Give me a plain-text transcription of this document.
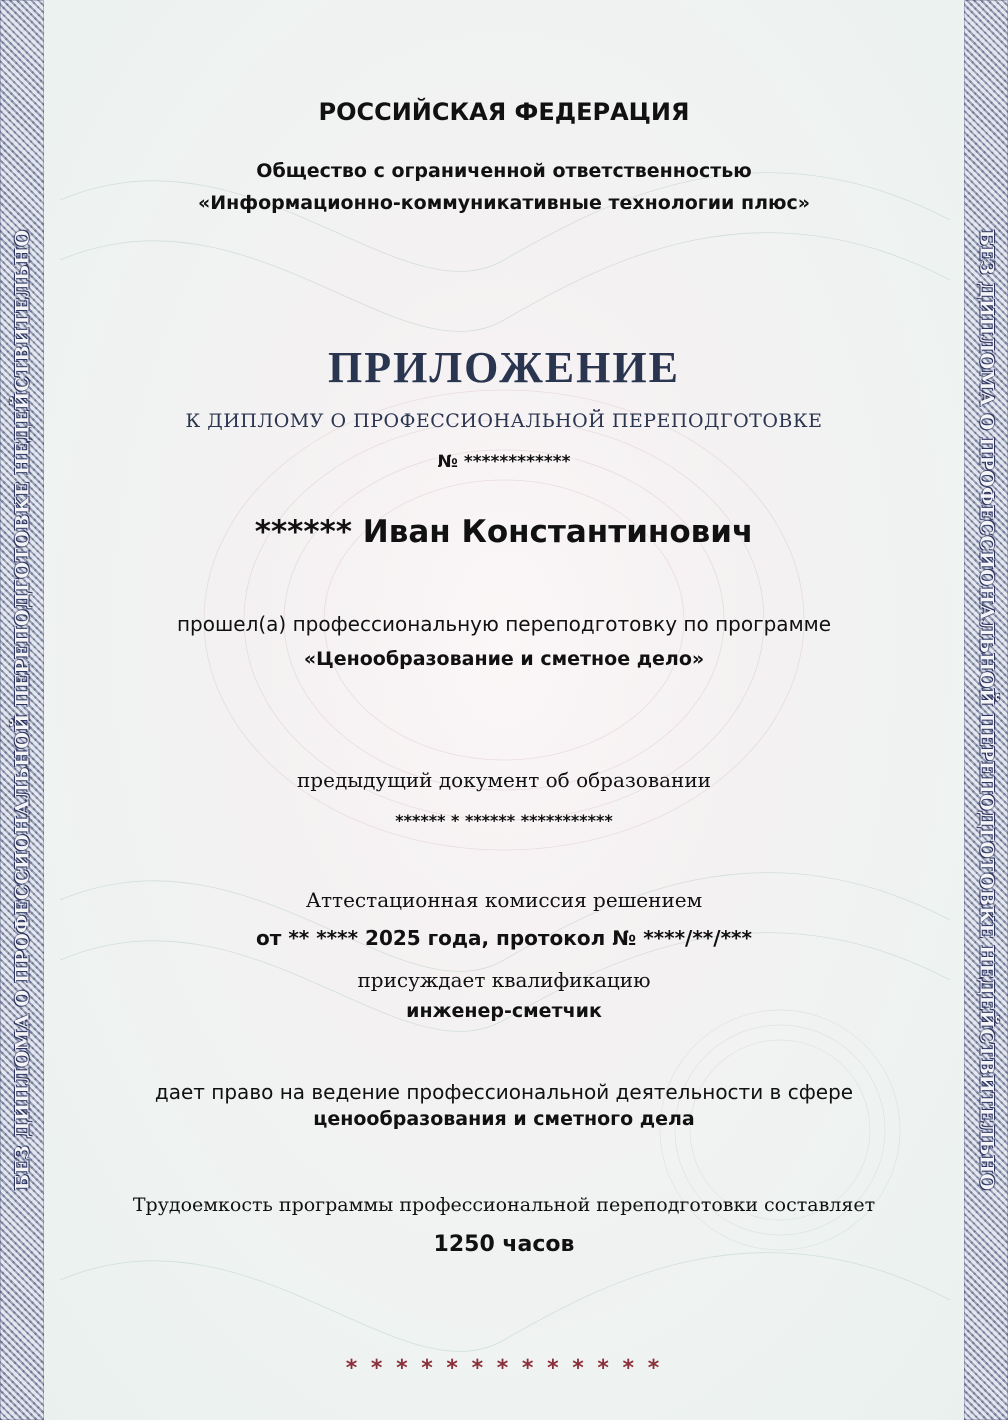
БЕЗ ДИПЛОМА О ПРОФЕССИОНАЛЬНОЙ ПЕРЕПОДГОТОВКЕ НЕДЕЙСТВИТЕЛЬНО	БЕЗ ДИПЛОМА О ПРОФЕССИОНАЛЬНОЙ ПЕРЕПОДГОТОВКЕ НЕДЕЙСТВИТЕЛЬНО
РОССИЙСКАЯ ФЕДЕРАЦИЯ
Общество с ограниченной ответственностью
«Информационно-коммуникативные технологии плюс»
ПРИЛОЖЕНИЕ
К ДИПЛОМУ О ПРОФЕССИОНАЛЬНОЙ ПЕРЕПОДГОТОВКЕ
№ ************
****** Иван Константинович
прошел(а) профессиональную переподготовку по программе
«Ценообразование и сметное дело»
предыдущий документ об образовании
****** * ****** ***********
Аттестационная комиссия решением
от ** **** 2025 года, протокол № ****/**/***
присуждает квалификацию
инженер-сметчик
дает право на ведение профессиональной деятельности в сфере
ценообразования и сметного дела
Трудоемкость программы профессиональной переподготовки составляет
1250 часов
* * * * * * * * * * * * *
